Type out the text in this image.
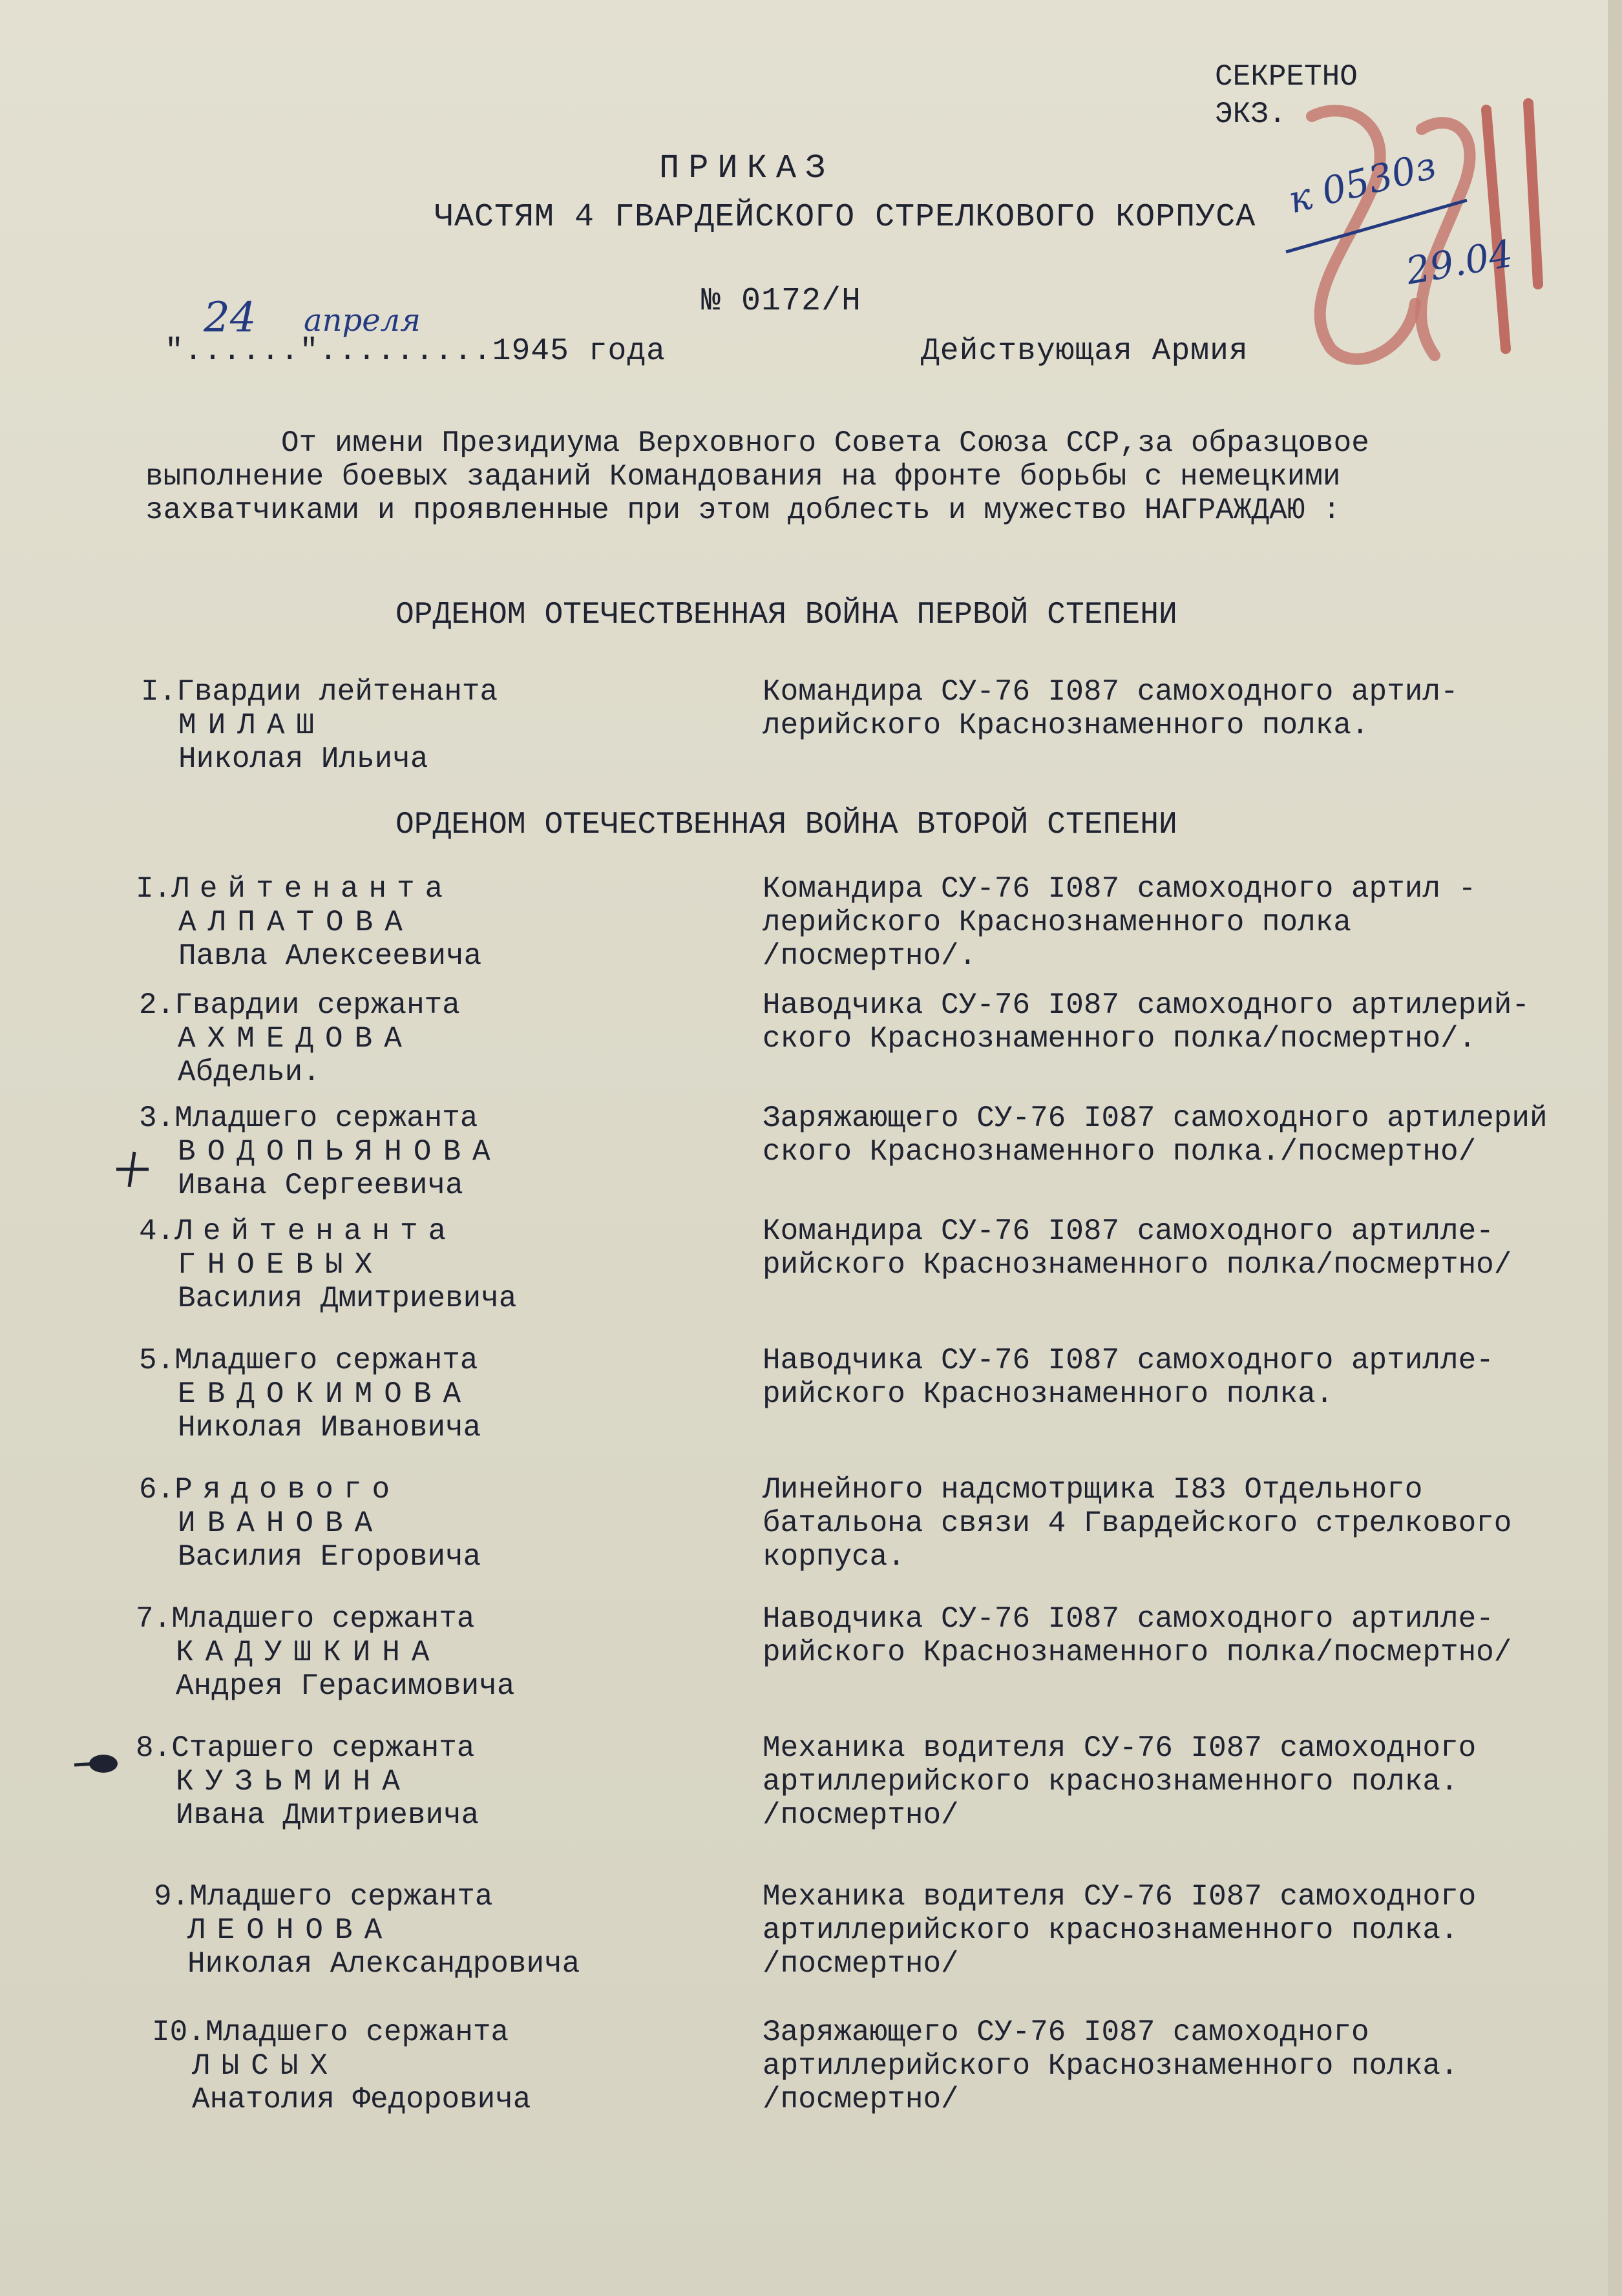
СЕКРЕТНО
ЭКЗ.
к 0530з
29.04
ПРИКАЗ
ЧАСТЯМ 4 ГВАРДЕЙСКОГО СТРЕЛКОВОГО КОРПУСА
№ 0172/Н
"......".........1945 года
24 апреля
Действующая Армия
От имени Президиума Верховного Совета Союза ССР,за образцовое
выполнение боевых заданий Командования на фронте борьбы с немецкими
захватчиками и проявленные при этом доблесть и мужество НАГРАЖДАЮ :
ОРДЕНОМ ОТЕЧЕСТВЕННАЯ ВОЙНА ПЕРВОЙ СТЕПЕНИ
I.Гвардии лейтенанта
МИЛАШ
Николая Ильича
Командира СУ-76 I087 самоходного артил-
лерийского Краснознаменного полка.
ОРДЕНОМ ОТЕЧЕСТВЕННАЯ ВОЙНА ВТОРОЙ СТЕПЕНИ
I.Лейтенанта
АЛПАТОВА
Павла Алексеевича
Командира СУ-76 I087 самоходного артил -
лерийского Краснознаменного полка
/посмертно/.
2.Гвардии сержанта
АХМЕДОВА
Абдельи.
Наводчика СУ-76 I087 самоходного артилерий-
ского Краснознаменного полка/посмертно/.
3.Младшего сержанта
ВОДОПЬЯНОВА
Ивана Сергеевича
Заряжающего СУ-76 I087 самоходного артилерий
ского Краснознаменного полка./посмертно/
4.Лейтенанта
ГНОЕВЫХ
Василия Дмитриевича
Командира СУ-76 I087 самоходного артилле-
рийского Краснознаменного полка/посмертно/
5.Младшего сержанта
ЕВДОКИМОВА
Николая Ивановича
Наводчика СУ-76 I087 самоходного артилле-
рийского Краснознаменного полка.
6.Рядового
ИВАНОВА
Василия Егоровича
Линейного надсмотрщика I83 Отдельного
батальона связи 4 Гвардейского стрелкового
корпуса.
7.Младшего сержанта
КАДУШКИНА
Андрея Герасимовича
Наводчика СУ-76 I087 самоходного артилле-
рийского Краснознаменного полка/посмертно/
8.Старшего сержанта
КУЗЬМИНА
Ивана Дмитриевича
Механика водителя СУ-76 I087 самоходного
артиллерийского краснознаменного полка.
/посмертно/
9.Младшего сержанта
ЛЕОНОВА
Николая Александровича
Механика водителя СУ-76 I087 самоходного
артиллерийского краснознаменного полка.
/посмертно/
I0.Младшего сержанта
ЛЫСЫХ
Анатолия Федоровича
Заряжающего СУ-76 I087 самоходного
артиллерийского Краснознаменного полка.
/посмертно/
